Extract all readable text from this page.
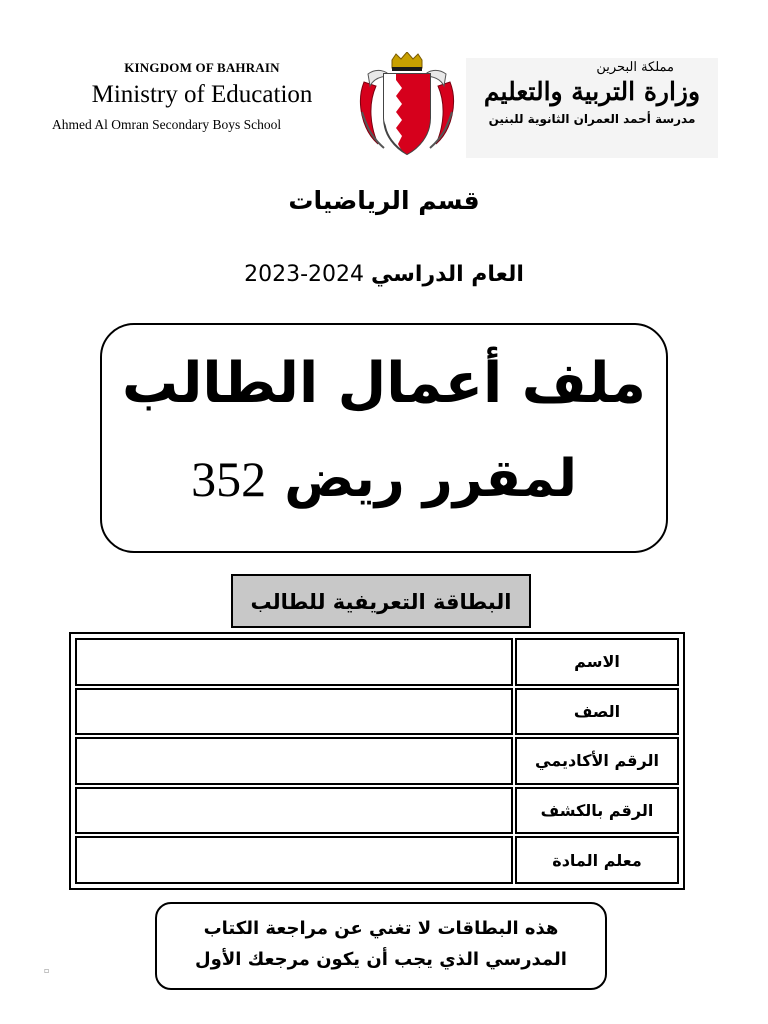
KINGDOM OF BAHRAIN
Ministry of Education
Ahmed Al Omran Secondary Boys School
مملكة البحرين
وزارة التربية والتعليم
مدرسة أحمد العمران الثانوية للبنين
قسم الرياضيات
العام الدراسي 2024-2023
ملف أعمال الطالب
لمقرر ريض 352
البطاقة التعريفية للطالب
	الاسم
	الصف
	الرقم الأكاديمي
	الرقم بالكشف
	معلم المادة
هذه البطاقات لا تغني عن مراجعة الكتاب
المدرسي الذي يجب أن يكون مرجعك الأول
▫
